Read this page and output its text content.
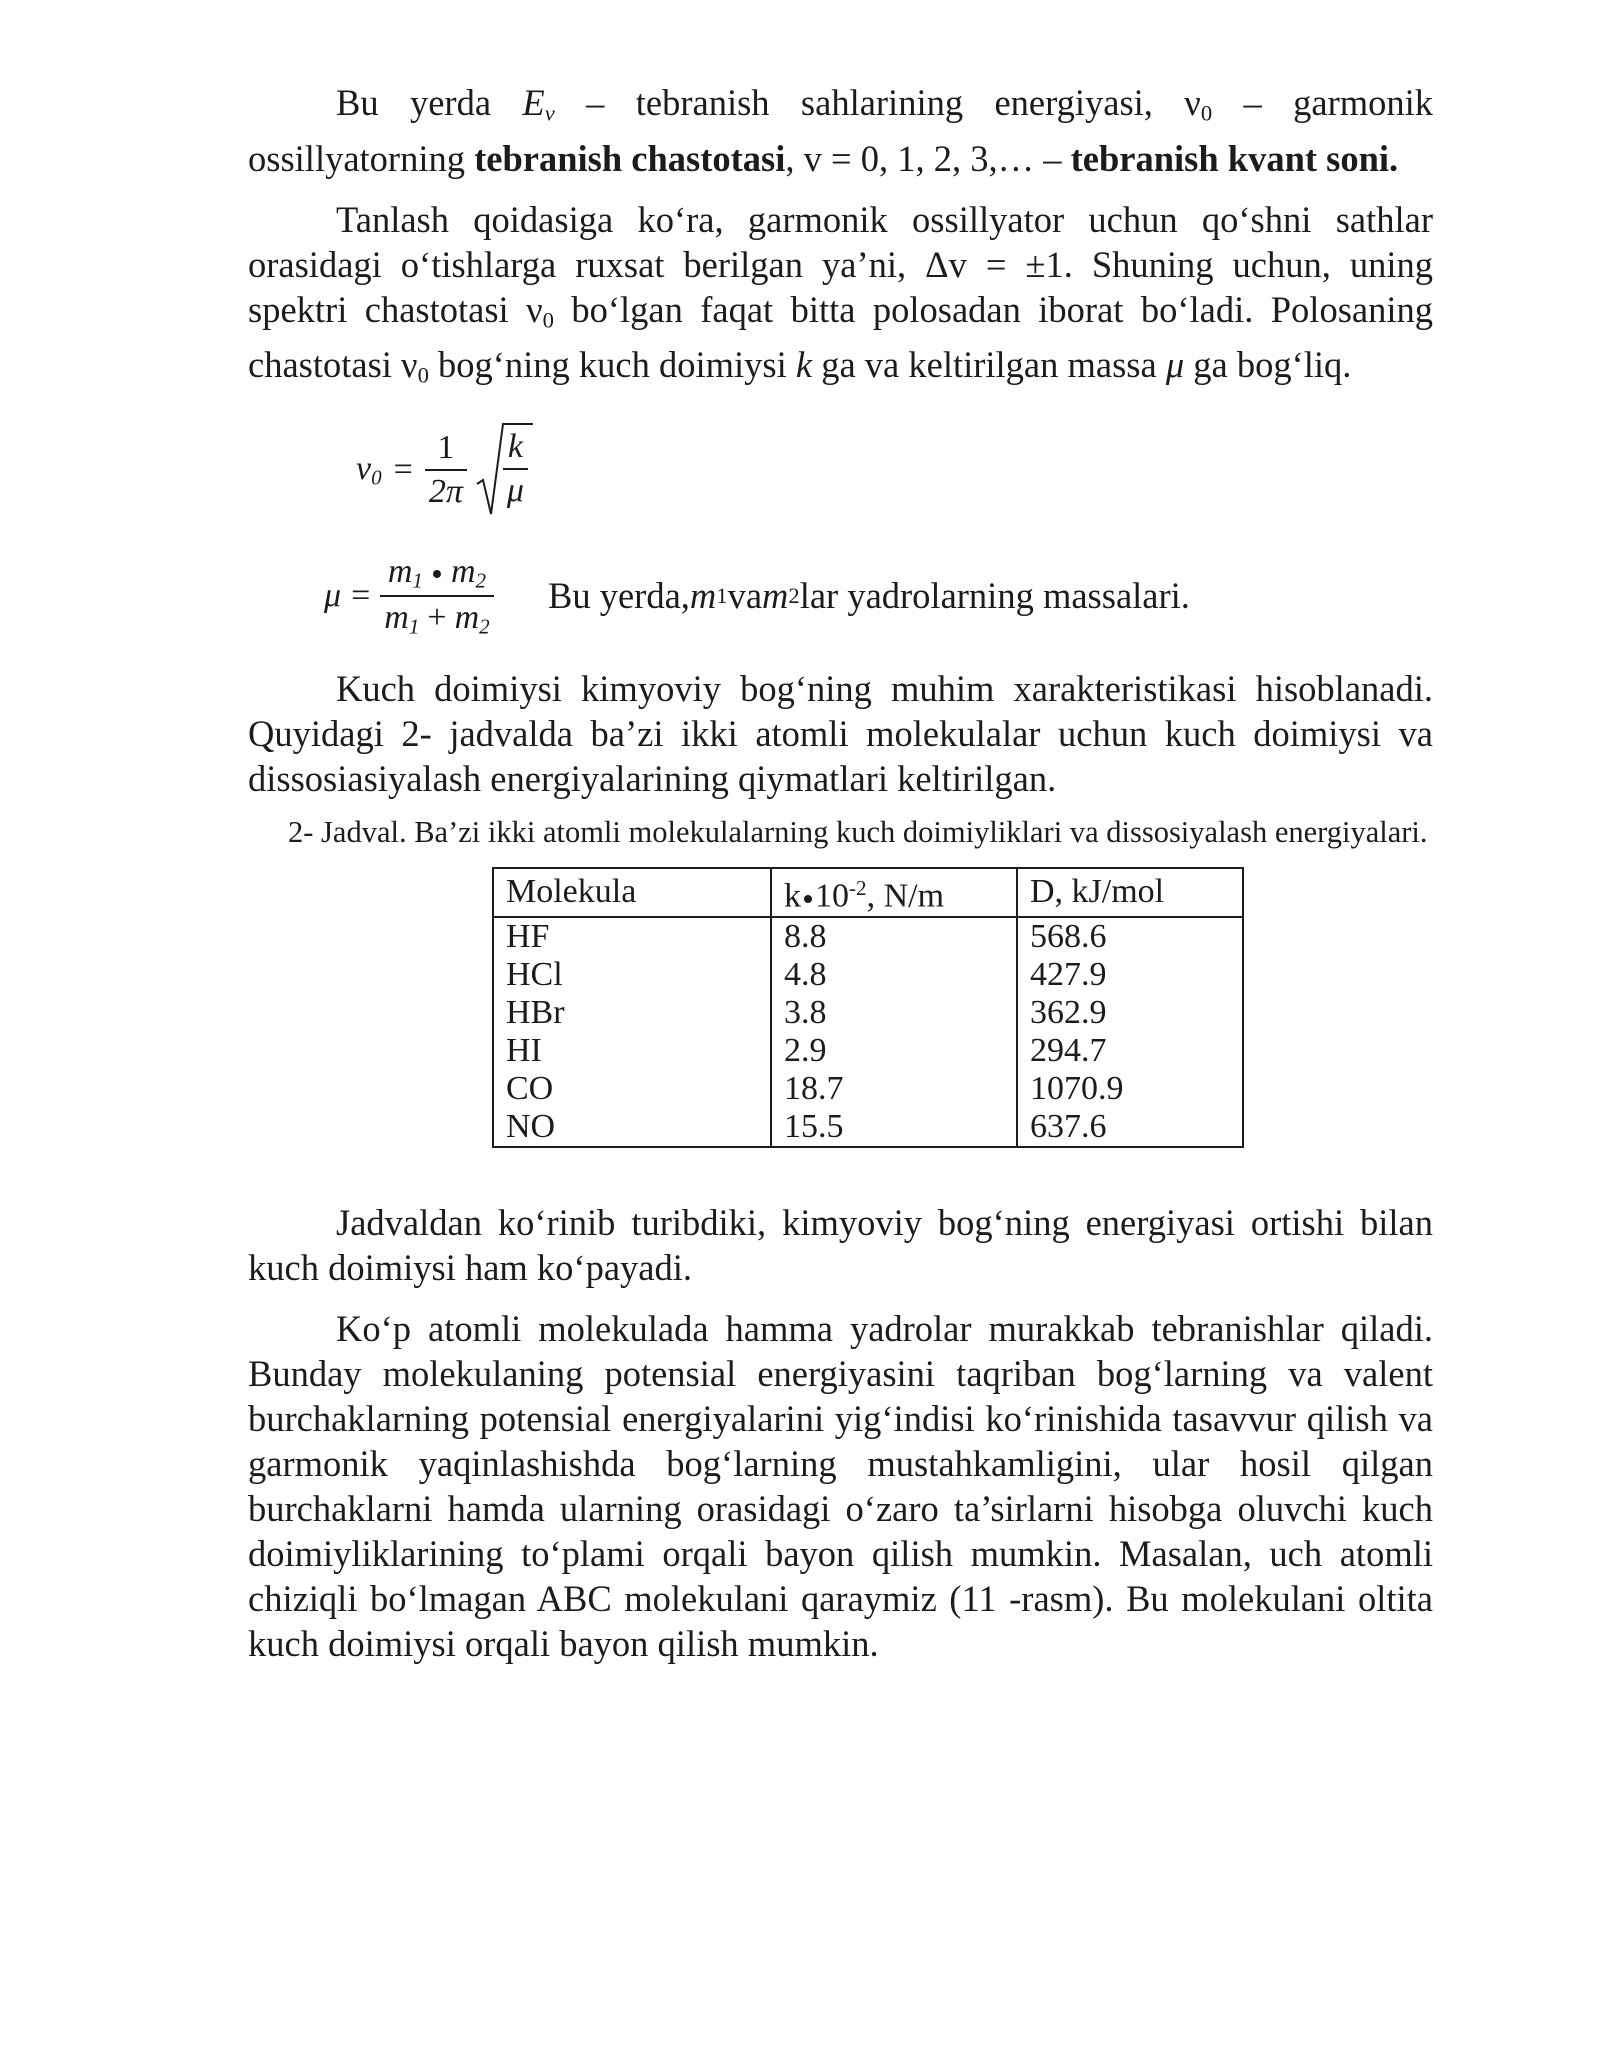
Bu yerda $E_v$ – tebranish sahlarining energiyasi, $\nu_0$ – garmonik ossillyatorning tebranish chastotasi, v = 0, 1, 2, 3,… – tebranish kvant soni.

Tanlash qoidasiga ko‘ra, garmonik ossillyator uchun qo‘shni sathlar orasidagi o‘tishlarga ruxsat berilgan ya’ni, Δv = ±1. Shuning uchun, uning spektri chastotasi $\nu_0$ bo‘lgan faqat bitta polosadan iborat bo‘ladi. Polosaning chastotasi $\nu_0$ bog‘ning kuch doimiysi k ga va keltirilgan massa μ ga bog‘liq.

$\nu_0 = \frac{1}{2\pi}$ k
μ
$\mu = \frac{m_1 m_2}{m_1 + m_2}$ Bu yerda, m 1 va m 2 lar yadrolarning massalari.

Kuch doimiysi kimyoviy bog‘ning muhim xarakteristikasi hisoblanadi. Quyidagi 2- jadvalda ba’zi ikki atomli molekulalar uchun kuch doimiysi va dissosiasiyalash energiyalarining qiymatlari keltirilgan.

2- Jadval. Ba’zi ikki atomli molekulalarning kuch doimiyliklari va dissosiyalash energiyalari.

Molekula	k $10^{-2}$, N/m	D, kJ/mol
HF	8.8	568.6
HCl	4.8	427.9
HBr	3.8	362.9
HI	2.9	294.7
CO	18.7	1070.9
NO	15.5	637.6

Jadvaldan ko‘rinib turibdiki, kimyoviy bog‘ning energiyasi ortishi bilan kuch doimiysi ham ko‘payadi.

Ko‘p atomli molekulada hamma yadrolar murakkab tebranishlar qiladi. Bunday molekulaning potensial energiyasini taqriban bog‘larning va valent burchaklarning potensial energiyalarini yig‘indisi ko‘rinishida tasavvur qilish va garmonik yaqinlashishda bog‘larning mustahkamligini, ular hosil qilgan burchaklarni hamda ularning orasidagi o‘zaro ta’sirlarni hisobga oluvchi kuch doimiyliklarining to‘plami orqali bayon qilish mumkin. Masalan, uch atomli chiziqli bo‘lmagan ABC molekulani qaraymiz (11 -rasm). Bu molekulani oltita kuch doimiysi orqali bayon qilish mumkin.
